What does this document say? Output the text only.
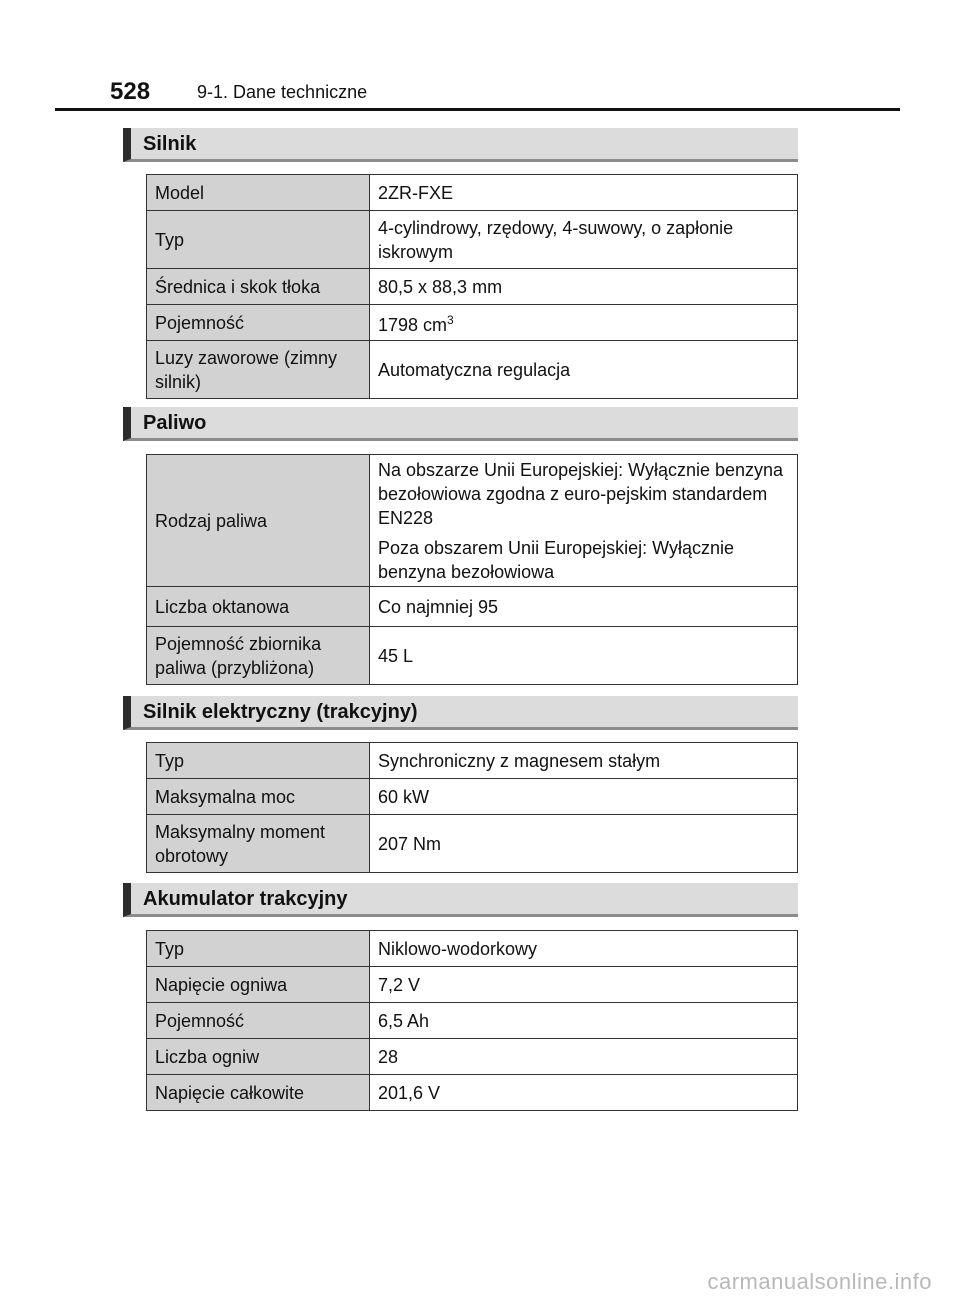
528	9-1. Dane techniczne
Silnik
Model	2ZR-FXE
Typ	4-cylindrowy, rzędowy, 4-suwowy, o zapłonie iskrowym
Średnica i skok tłoka	80,5 x 88,3 mm
Pojemność	1798 $cm^3$
Luzy zaworowe (zimny silnik)	Automatyczna regulacja
Paliwo
Rodzaj paliwa	Na obszarze Unii Europejskiej: Wyłącznie benzyna bezołowiowa zgodna z euro-pejskim standardem EN228
Poza obszarem Unii Europejskiej: Wyłącznie benzyna bezołowiowa

Liczba oktanowa	Co najmniej 95
Pojemność zbiornika paliwa (przybliżona)	45 L
Silnik elektryczny (trakcyjny)
Typ	Synchroniczny z magnesem stałym
Maksymalna moc	60 kW
Maksymalny moment obrotowy	207 Nm
Akumulator trakcyjny
Typ	Niklowo-wodorkowy
Napięcie ogniwa	7,2 V
Pojemność	6,5 Ah
Liczba ogniw	28
Napięcie całkowite	201,6 V
carmanualsonline.info
